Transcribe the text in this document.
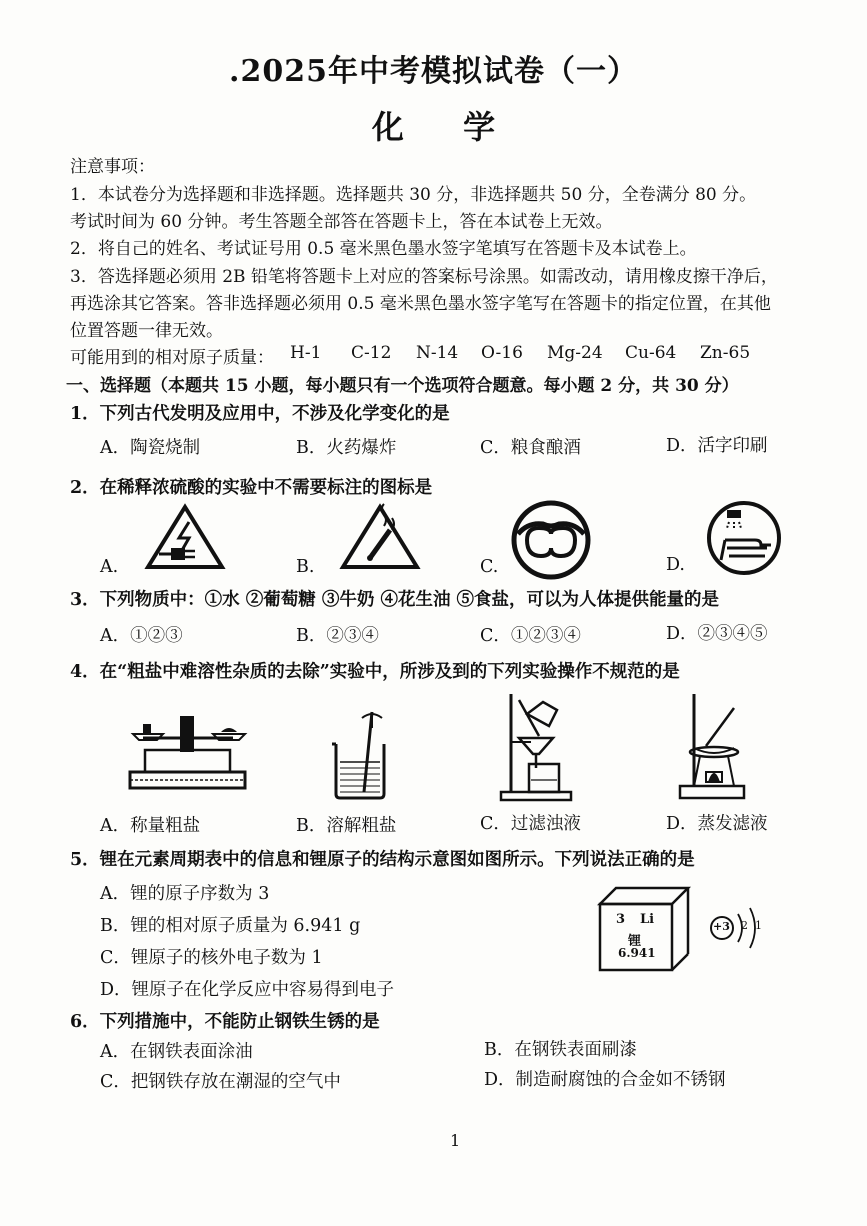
.2025年中考模拟试卷（一）
化 学
注意事项：
1．本试卷分为选择题和非选择题。选择题共 30 分，非选择题共 50 分，全卷满分 80 分。
考试时间为 60 分钟。考生答题全部答在答题卡上，答在本试卷上无效。
2．将自己的姓名、考试证号用 0.5 毫米黑色墨水签字笔填写在答题卡及本试卷上。
3．答选择题必须用 2B 铅笔将答题卡上对应的答案标号涂黑。如需改动，请用橡皮擦干净后，
再选涂其它答案。答非选择题必须用 0.5 毫米黑色墨水签字笔写在答题卡的指定位置，在其他
位置答题一律无效。
可能用到的相对原子质量： H-1 C-12 N-14 O-16 Mg-24 Cu-64 Zn-65
一、选择题（本题共 15 小题，每小题只有一个选项符合题意。每小题 2 分，共 30 分）
1．下列古代发明及应用中，不涉及化学变化的是
A．陶瓷烧制	B．火药爆炸	C．粮食酿酒	D．活字印刷
2．在稀释浓硫酸的实验中不需要标注的图标是
A.	B.	C.	D.
3．下列物质中：①水 ②葡萄糖 ③牛奶 ④花生油 ⑤食盐，可以为人体提供能量的是
A．①②③	B．②③④	C．①②③④	D．②③④⑤
4．在“粗盐中难溶性杂质的去除”实验中，所涉及到的下列实验操作不规范的是
A．称量粗盐	B．溶解粗盐	C．过滤浊液	D．蒸发滤液
5．锂在元素周期表中的信息和锂原子的结构示意图如图所示。下列说法正确的是
A．锂的原子序数为 3
B．锂的相对原子质量为 6.941 g
C．锂原子的核外电子数为 1
D．锂原子在化学反应中容易得到电子
3 Li
锂
6.941
+3 2 1
6．下列措施中，不能防止钢铁生锈的是
A．在钢铁表面涂油	B．在钢铁表面刷漆
C．把钢铁存放在潮湿的空气中	D．制造耐腐蚀的合金如不锈钢
1
